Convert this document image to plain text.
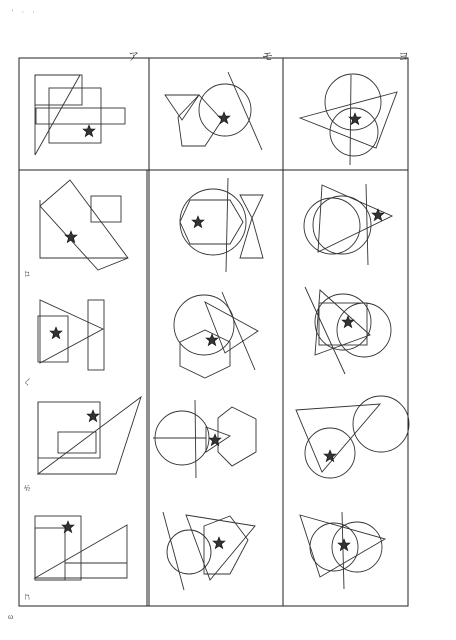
' · ·
ア	モ	ヨ
ロ
ヘ
ホ
コ
ω
